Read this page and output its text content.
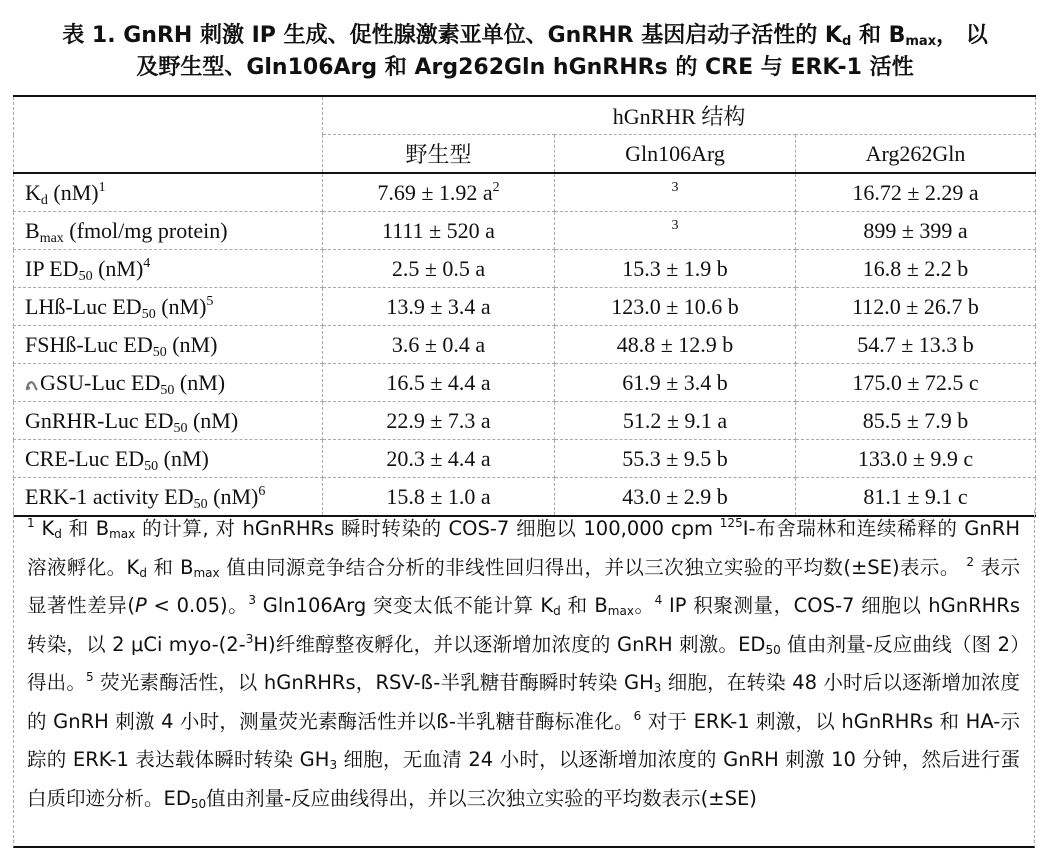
表 1. GnRH 刺激 IP 生成、促性腺激素亚单位、GnRHR 基因启动子活性的 $K_d$ 和 $B_{max}$， 以
及野生型、Gln106Arg 和 Arg262Gln hGnRHRs 的 CRE 与 ERK-1 活性
	hGnRHR 结构		
	野生型	Gln106Arg	Arg262Gln
$K_d$ (nM)$^1$	7.69 ± 1.92 $a^2$	$^3$	16.72 ± 2.29 a
$B_{max}$ (fmol/mg protein)	1111 ± 520 a	$^3$	899 ± 399 a
IP $ED_{50}$ (nM)$^4$	2.5 ± 0.5 a	15.3 ± 1.9 b	16.8 ± 2.2 b
LHß-Luc $ED_{50}$ (nM)$^5$	13.9 ± 3.4 a	123.0 ± 10.6 b	112.0 ± 26.7 b
FSHß-Luc $ED_{50}$ (nM)	3.6 ± 0.4 a	48.8 ± 12.9 b	54.7 ± 13.3 b
GSU-Luc $ED_{50}$ (nM)	16.5 ± 4.4 a	61.9 ± 3.4 b	175.0 ± 72.5 c
GnRHR-Luc $ED_{50}$ (nM)	22.9 ± 7.3 a	51.2 ± 9.1 a	85.5 ± 7.9 b
CRE-Luc $ED_{50}$ (nM)	20.3 ± 4.4 a	55.3 ± 9.5 b	133.0 ± 9.9 c
ERK-1 activity $ED_{50}$ (nM)$^6$	15.8 ± 1.0 a	43.0 ± 2.9 b	81.1 ± 9.1 c

$^1$ $K_d$ 和 $B_{max}$ 的计算, 对 hGnRHRs 瞬时转染的 COS-7 细胞以 100,000 cpm $^{125}$I-布舍瑞林和连续稀释的 GnRH 溶液孵化。$K_d$ 和 $B_{max}$ 值由同源竞争结合分析的非线性回归得出，并以三次独立实验的平均数(±SE)表示。 $^2$ 表示显著性差异(P < 0.05)。$^3$ Gln106Arg 突变太低不能计算 $K_d$ 和 $B_{max}$。$^4$ IP 积聚测量，COS-7 细胞以 hGnRHRs 转染，以 2 μCi myo-(2-$^3$H)纤维醇整夜孵化，并以逐渐增加浓度的 GnRH 刺激。$ED_{50}$ 值由剂量-反应曲线（图 2）得出。$^5$ 荧光素酶活性，以 hGnRHRs，RSV-ß-半乳糖苷酶瞬时转染 $GH_3$ 细胞，在转染 48 小时后以逐渐增加浓度的 GnRH 刺激 4 小时，测量荧光素酶活性并以ß-半乳糖苷酶标准化。$^6$ 对于 ERK-1 刺激，以 hGnRHRs 和 HA-示踪的 ERK-1 表达载体瞬时转染 $GH_3$ 细胞，无血清 24 小时，以逐渐增加浓度的 GnRH 刺激 10 分钟，然后进行蛋白质印迹分析。$ED_{50}$值由剂量-反应曲线得出，并以三次独立实验的平均数表示(±SE)
